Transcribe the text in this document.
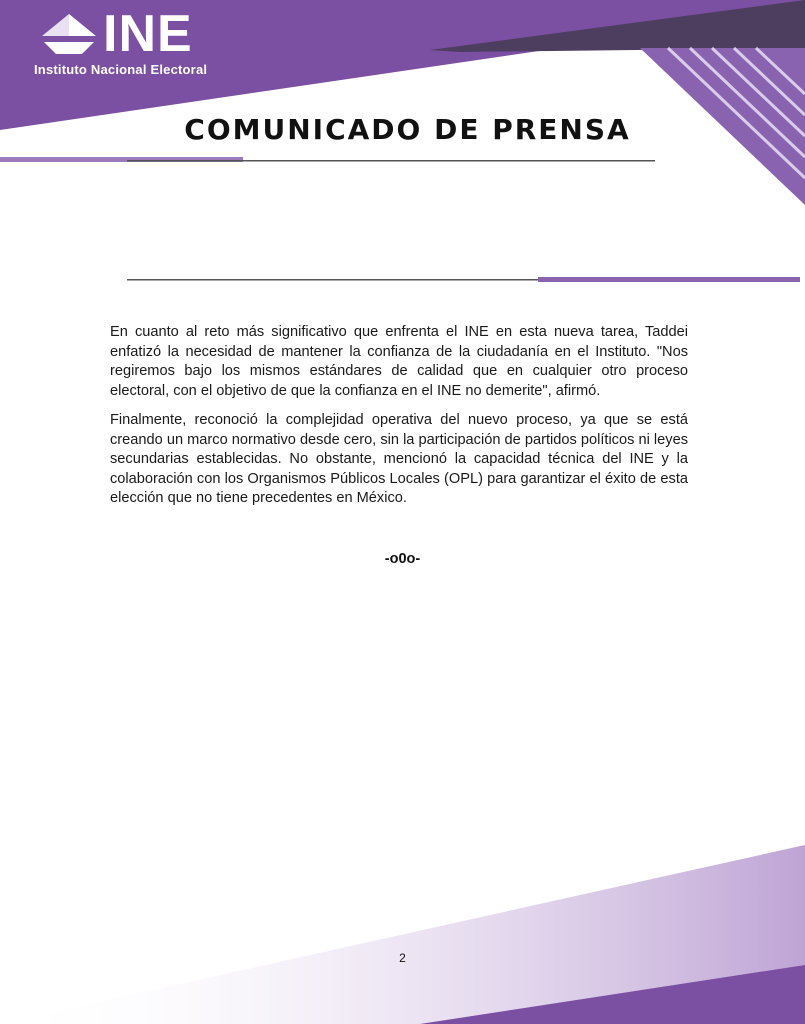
INE
Instituto Nacional Electoral
COMUNICADO DE PRENSA

En cuanto al reto más significativo que enfrenta el INE en esta nueva tarea, Taddei enfatizó la necesidad de mantener la confianza de la ciudadanía en el Instituto. "Nos regiremos bajo los mismos estándares de calidad que en cualquier otro proceso electoral, con el objetivo de que la confianza en el INE no demerite", afirmó.

Finalmente, reconoció la complejidad operativa del nuevo proceso, ya que se está creando un marco normativo desde cero, sin la participación de partidos políticos ni leyes secundarias establecidas. No obstante, mencionó la capacidad técnica del INE y la colaboración con los Organismos Públicos Locales (OPL) para garantizar el éxito de esta elección que no tiene precedentes en México.

-o0o-
2
